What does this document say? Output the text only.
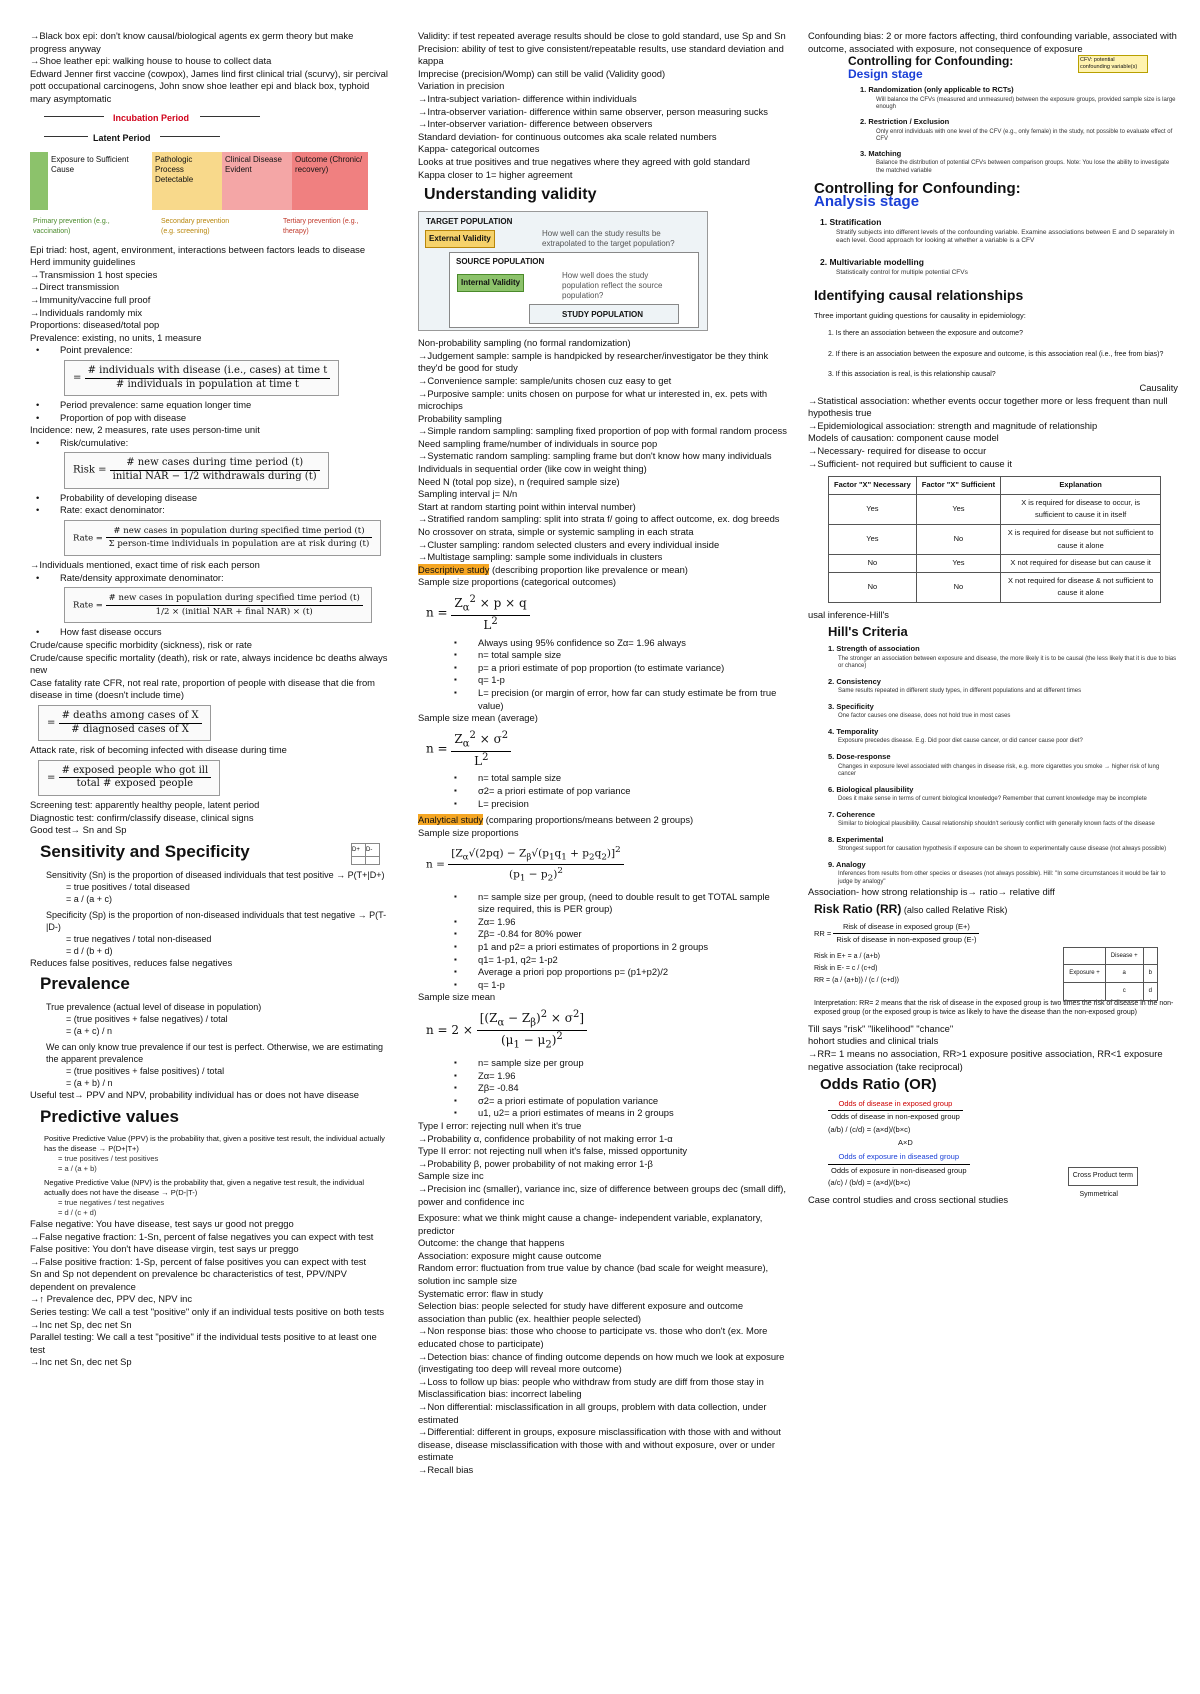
→Black box epi: don't know causal/biological agents ex germ theory but make progress anyway
→Shoe leather epi: walking house to house to collect data
Edward Jenner first vaccine (cowpox), James lind first clinical trial (scurvy), sir percival pott occupational carcinogens, John snow shoe leather epi and black box, typhoid mary asymptomatic
Incubation Period
Latent Period
Exposure to Sufficient Cause
Pathologic Process Detectable
Clinical Disease Evident
Outcome (Chronic/ recovery)
Primary prevention (e.g., vaccination)
Secondary prevention (e.g. screening)
Tertiary prevention (e.g., therapy)
Epi triad: host, agent, environment, interactions between factors leads to disease
Herd immunity guidelines
→Transmission 1 host species
→Direct transmission
→Immunity/vaccine full proof
→Individuals randomly mix
Proportions: diseased/total pop
Prevalence: existing, no units, 1 measure
• Point prevalence:
= $\frac{\text{\# individuals with disease (i.e., cases) at time t}}{\text{\# individuals in population at time t}}$
• Period prevalence: same equation longer time
• Proportion of pop with disease
Incidence: new, 2 measures, rate uses person-time unit
• Risk/cumulative:
Risk = $\frac{\text{\# new cases during time period (t)}}{\text{initial NAR − 1/2 withdrawals during (t)}}$
• Probability of developing disease
• Rate: exact denominator:
Rate =
# new cases in population during specified time period (t)
Σ person-time individuals in population are at risk during (t)
→Individuals mentioned, exact time of risk each person
• Rate/density approximate denominator:
Rate = $\frac{\text{\# new cases in population during specified time period (t)}}{\text{1/2 × (initial NAR + final NAR) × (t)}}$
• How fast disease occurs
Crude/cause specific morbidity (sickness), risk or rate
Crude/cause specific mortality (death), risk or rate, always incidence bc deaths always new
Case fatality rate CFR, not real rate, proportion of people with disease that die from disease in time (doesn't include time)
= $\frac{\text{\# deaths among cases of X}}{\text{\# diagnosed cases of X}}$
Attack rate, risk of becoming infected with disease during time
= $\frac{\text{\# exposed people who got ill}}{\text{total \# exposed people}}$
Screening test: apparently healthy people, latent period
Diagnostic test: confirm/classify disease, clinical signs
Good test→ Sn and Sp
Sensitivity and Specificity	D+	D-

Sensitivity (Sn) is the proportion of diseased individuals that test positive → P(T+|D+)
= true positives / total diseased
= a / (a + c)
Specificity (Sp) is the proportion of non-diseased individuals that test negative → P(T-|D-)
= true negatives / total non-diseased
= d / (b + d)
Reduces false positives, reduces false negatives
Prevalence
True prevalence (actual level of disease in population)
= (true positives + false negatives) / total
= (a + c) / n
We can only know true prevalence if our test is perfect. Otherwise, we are estimating the apparent prevalence
= (true positives + false positives) / total
= (a + b) / n
Useful test→ PPV and NPV, probability individual has or does not have disease
Predictive values
Positive Predictive Value (PPV) is the probability that, given a positive test result, the individual actually has the disease → P(D+|T+)
= true positives / test positives
= a / (a + b)
Negative Predictive Value (NPV) is the probability that, given a negative test result, the individual actually does not have the disease → P(D-|T-)
= true negatives / test negatives
= d / (c + d)
False negative: You have disease, test says ur good not preggo
→False negative fraction: 1-Sn, percent of false negatives you can expect with test
False positive: You don't have disease virgin, test says ur preggo
→False positive fraction: 1-Sp, percent of false positives you can expect with test
Sn and Sp not dependent on prevalence bc characteristics of test, PPV/NPV dependent on prevalence
→↑ Prevalence dec, PPV dec, NPV inc
Series testing: We call a test "positive" only if an individual tests positive on both tests
→Inc net Sp, dec net Sn
Parallel testing: We call a test "positive" if the individual tests positive to at least one test
→Inc net Sn, dec net Sp
Validity: if test repeated average results should be close to gold standard, use Sp and Sn
Precision: ability of test to give consistent/repeatable results, use standard deviation and kappa
Imprecise (precision/Womp) can still be valid (Validity good)
Variation in precision
→Intra-subject variation- difference within individuals
→Intra-observer variation- difference within same observer, person measuring sucks
→Inter-observer variation- difference between observers
Standard deviation- for continuous outcomes aka scale related numbers
Kappa- categorical outcomes
Looks at true positives and true negatives where they agreed with gold standard
Kappa closer to 1= higher agreement
Understanding validity
TARGET POPULATION
External Validity
How well can the study results be extrapolated to the target population?
SOURCE POPULATION
Internal Validity
How well does the study population reflect the source population?
STUDY POPULATION
Non-probability sampling (no formal randomization)
→Judgement sample: sample is handpicked by researcher/investigator be they think they'd be good for study
→Convenience sample: sample/units chosen cuz easy to get
→Purposive sample: units chosen on purpose for what ur interested in, ex. pets with microchips
Probability sampling
→Simple random sampling: sampling fixed proportion of pop with formal random process
Need sampling frame/number of individuals in source pop
→Systematic random sampling: sampling frame but don't know how many individuals
Individuals in sequential order (like cow in weight thing)
Need N (total pop size), n (required sample size)
Sampling interval j= N/n
Start at random starting point within interval number)
→Stratified random sampling: split into strata f/ going to affect outcome, ex. dog breeds
No crossover on strata, simple or systemic sampling in each strata
→Cluster sampling: random selected clusters and every individual inside
→Multistage sampling: sample some individuals in clusters
Descriptive study (describing proportion like prevalence or mean)
Sample size proportions (categorical outcomes)
$n = \frac{Z_\alpha^2 \times p \times q}{L^2}$
▪ Always using 95% confidence so Zα= 1.96 always
▪ n= total sample size
▪ p= a priori estimate of pop proportion (to estimate variance)
▪ q= 1-p
▪ L= precision (or margin of error, how far can study estimate be from true value)
Sample size mean (average)
$n = \frac{Z_\alpha^2 \times \sigma^2}{L^2}$
▪ n= total sample size
▪ σ2= a priori estimate of pop variance
▪ L= precision
Analytical study (comparing proportions/means between 2 groups)
Sample size proportions
$n = \frac{[Z_\alpha√(2pq) - Z_\beta√(p_1q_1 + p_2q_2)]^2}{(p_1 - p_2)^2}$
▪ n= sample size per group, (need to double result to get TOTAL sample size required, this is PER group)
▪ Zα= 1.96
▪ Zβ= -0.84 for 80% power
▪ p1 and p2= a priori estimates of proportions in 2 groups
▪ q1= 1-p1, q2= 1-p2
▪ Average a priori pop proportions p= (p1+p2)/2
▪ q= 1-p
Sample size mean
$n = 2 \times \frac{[(Z_\alpha - Z_\beta)^2 \times \sigma^2]}{(\mu_1 - \mu_2)^2}$
▪ n= sample size per group
▪ Zα= 1.96
▪ Zβ= -0.84
▪ σ2= a priori estimate of population variance
▪ u1, u2= a priori estimates of means in 2 groups
Type I error: rejecting null when it's true
→Probability α, confidence probability of not making error 1-α
Type II error: not rejecting null when it's false, missed opportunity
→Probability β, power probability of not making error 1-β
Sample size inc
→Precision inc (smaller), variance inc, size of difference between groups dec (small diff), power and confidence inc
Exposure: what we think might cause a change- independent variable, explanatory, predictor
Outcome: the change that happens
Association: exposure might cause outcome
Random error: fluctuation from true value by chance (bad scale for weight measure), solution inc sample size
Systematic error: flaw in study
Selection bias: people selected for study have different exposure and outcome association than public (ex. healthier people selected)
→Non response bias: those who choose to participate vs. those who don't (ex. More educated chose to participate)
→Detection bias: chance of finding outcome depends on how much we look at exposure (investigating too deep will reveal more outcome)
→Loss to follow up bias: people who withdraw from study are diff from those stay in
Misclassification bias: incorrect labeling
→Non differential: misclassification in all groups, problem with data collection, under estimated
→Differential: different in groups, exposure misclassification with those with and without disease, disease misclassification with those with and without exposure, over or under estimate
→Recall bias
Confounding bias: 2 or more factors affecting, third confounding variable, associated with outcome, associated with exposure, not consequence of exposure
Controlling for Confounding:
Design stage
CFV: potential confounding variable(s)
1. Randomization (only applicable to RCTs)
Will balance the CFVs (measured and unmeasured) between the exposure groups, provided sample size is large enough
2. Restriction / Exclusion
Only enrol individuals with one level of the CFV (e.g., only female) in the study, not possible to evaluate effect of CFV
3. Matching
Balance the distribution of potential CFVs between comparison groups. Note: You lose the ability to investigate the matched variable
Controlling for Confounding:
Analysis stage
1. Stratification
Stratify subjects into different levels of the confounding variable. Examine associations between E and D separately in each level. Good approach for looking at whether a variable is a CFV
2. Multivariable modelling
Statistically control for multiple potential CFVs
Identifying causal relationships
Three important guiding questions for causality in epidemiology:
1. Is there an association between the exposure and outcome?
2. If there is an association between the exposure and outcome, is this association real (i.e., free from bias)?
3. If this association is real, is this relationship causal?
Causality
→Statistical association: whether events occur together more or less frequent than null hypothesis true
→Epidemiological association: strength and magnitude of relationship
Models of causation: component cause model
→Necessary- required for disease to occur
→Sufficient- not required but sufficient to cause it
Factor "X" Necessary	Factor "X" Sufficient	Explanation
Yes	Yes	X is required for disease to occur, is sufficient to cause it in itself
Yes	No	X is required for disease but not sufficient to cause it alone
No	Yes	X not required for disease but can cause it
No	No	X not required for disease & not sufficient to cause it alone
usal inference-Hill's
Hill's Criteria
1. Strength of association
The stronger an association between exposure and disease, the more likely it is to be causal (the less likely that it is due to bias or chance)
2. Consistency
Same results repeated in different study types, in different populations and at different times
3. Specificity
One factor causes one disease, does not hold true in most cases
4. Temporality
Exposure precedes disease. E.g. Did poor diet cause cancer, or did cancer cause poor diet?
5. Dose-response
Changes in exposure level associated with changes in disease risk, e.g. more cigarettes you smoke → higher risk of lung cancer
6. Biological plausibility
Does it make sense in terms of current biological knowledge? Remember that current knowledge may be incomplete
7. Coherence
Similar to biological plausibility. Causal relationship shouldn't seriously conflict with generally known facts of the disease
8. Experimental
Strongest support for causation hypothesis if exposure can be shown to experimentally cause disease (not always possible)
9. Analogy
Inferences from results from other species or diseases (not always possible). Hill: "In some circumstances it would be fair to judge by analogy"
Association- how strong relationship is→ ratio→ relative diff
Risk Ratio (RR) (also called Relative Risk)
RR = $\frac{\text{Risk of disease in exposed group (E+)}}{\text{Risk of disease in non-exposed group (E-)}}$
Risk in E+ = a / (a+b)
Risk in E- = c / (c+d)
RR = (a / (a+b)) / (c / (c+d))
	Disease +	
Exposure +	a	b
	c	d
Interpretation: RR= 2 means that the risk of disease in the exposed group is two times the risk of disease in the non-exposed group (or the exposed group is twice as likely to have the disease than the non-exposed group)
Till says "risk" "likelihood" "chance"
hohort studies and clinical trials
→RR= 1 means no association, RR>1 exposure positive association, RR<1 exposure negative association (take reciprocal)
Odds Ratio (OR)
$\frac{\text{Odds of disease in exposed group}}{\text{Odds of disease in non-exposed group}}$
(a/b) / (c/d) = (a×d)/(b×c)
A×D
$\frac{\text{Odds of exposure in diseased group}}{\text{Odds of exposure in non-diseased group}}$
(a/c) / (b/d) = (a×d)/(b×c)
Cross Product term
Symmetrical
Case control studies and cross sectional studies
